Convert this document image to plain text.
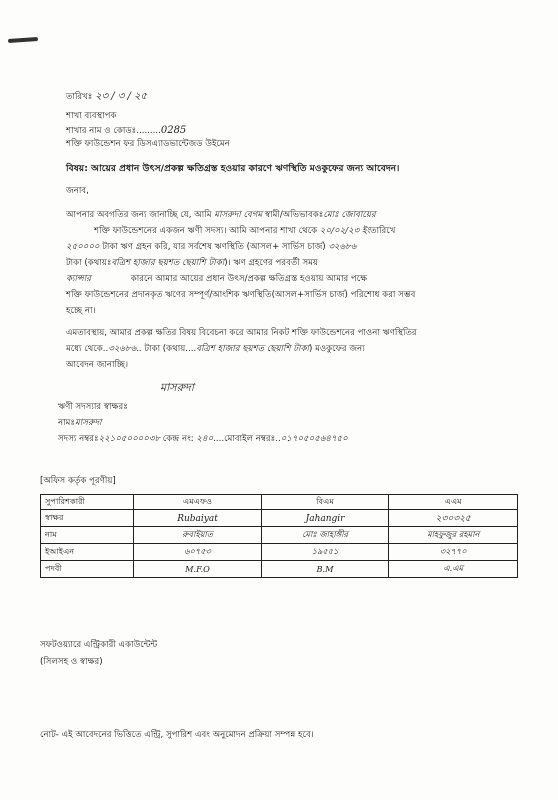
তারিখঃ ২৩ / ৩ / ২৫
শাখা ব্যবস্থাপক
শাখার নাম ও কোডঃ.........0285
শক্তি ফাউন্ডেশন ফর ডিসএ্যাডভান্টেজড উইমেন
বিষয়: আয়ের প্রধান উৎস/প্রকল্প ক্ষতিগ্রস্ত হওয়ার কারণে ঋণস্থিতি মওকুফের জন্য আবেদন।
জনাব,
আপনার অবগতির জন্য জানাচ্ছি যে, আমি মাসরুদা বেগম স্বামী/অভিভাবকঃমোঃ জোবায়ের
শক্তি ফাউন্ডেশনের একজন ঋণী সদস্য। আমি আপনার শাখা থেকে ২০/০২/২৩ ইংতারিখে
২৫০০০০ টাকা ঋণ গ্রহন করি, যার সর্বশেষ ঋণস্থিতি (আসল+ সার্ভিস চার্জ) ৩২৬৮৬
টাকা (কথায়ঃবত্রিশ হাজার ছয়শত ছেয়াশি টাকা)। ঋণ গ্রহণের পরবর্তী সময়
ক্যান্সার	কারনে আমার আয়ের প্রধান উৎস/প্রকল্প ক্ষতিগ্রস্ত হওয়ায় আমার পক্ষে
শক্তি ফাউন্ডেশনের প্রদানকৃত ঋণের সম্পূর্ণ/আংশিক ঋণস্থিতি(আসল+সার্ভিস চার্জ) পরিশোধ করা সম্ভব
হচ্ছে না।
এমতাবস্থায়, আমার প্রকল্প ক্ষতির বিষয় বিবেচনা করে আমার নিকট শক্তি ফাউন্ডেশনের পাওনা ঋণস্থিতির
মধ্যে থেকে..৩২৬৮৬.. টাকা (কথায়....বত্রিশ হাজার ছয়শত ছেয়াশি টাকা) মওকুফের জন্য
আবেদন জানাচ্ছি।
মাসরুদা
ঋণী সদস্যার স্বাক্ষরঃ
নামঃমাসরুদা
সদস্য নম্বরঃ২২১০৫০০০০৩৮ কেন্দ্র নং: ২৪০....মোবাইল নম্বরঃ..০১৭০৫০৫৬৪৭৫০
[অফিস কর্তৃক পূরণীয়]
সুপারিশকারী	এমএফও	বিএম	এএম
স্বাক্ষর	Rubaiyat	Jahangir	২৩০৩২৫
নাম	রুবাইয়াত	মোঃ জাহাঙ্গীর	মাহফুজুর রহমান
ইআইএন	৬০৭৫৩	১৯৫৫১	৩২৭৭০
পদবী	M.F.O	B.M	এ.এম
সফটওয়্যারে এন্ট্রিকারী একাউন্টেন্ট
(সিলসহ ও স্বাক্ষর)
নোট- এই আবেদনের ভিত্তিতে এন্ট্রি, সুপারিশ এবং অনুমোদন প্রক্রিয়া সম্পন্ন হবে।
